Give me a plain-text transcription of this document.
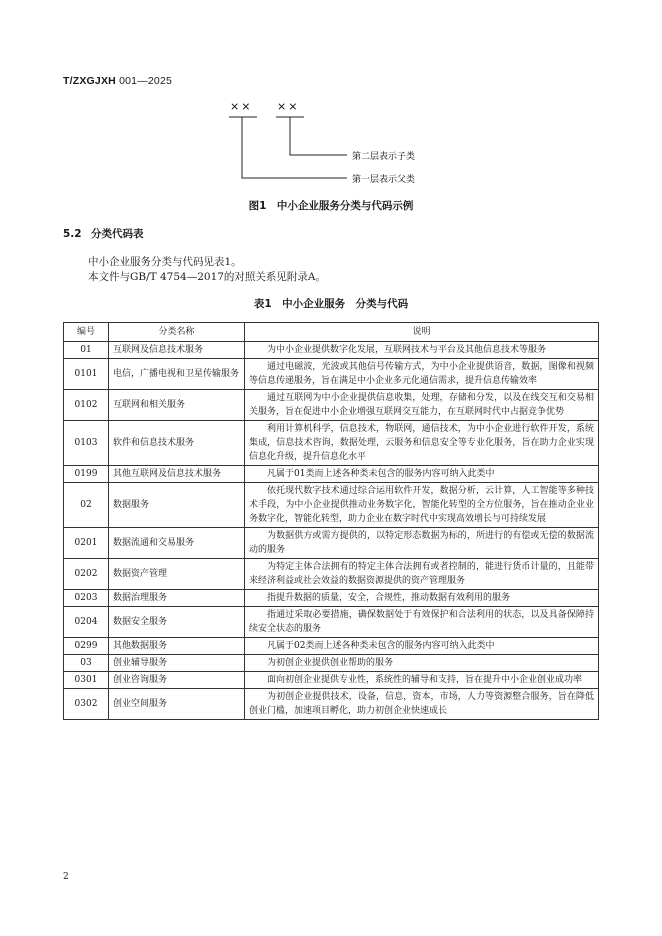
T/ZXGJXH 001—2025
×× ××
第二层表示子类
第一层表示父类
图1　中小企业服务分类与代码示例
5.2 分类代码表
中小企业服务分类与代码见表1。
本文件与GB/T 4754—2017的对照关系见附录A。
表1　中小企业服务　分类与代码
编号	分类名称	说明
01	互联网及信息技术服务	为中小企业提供数字化发展，互联网技术与平台及其他信息技术等服务
0101	电信，广播电视和卫星传输服务	通过电磁波，光波或其他信号传输方式，为中小企业提供语音，数据，图像和视频等信息传递服务，旨在满足中小企业多元化通信需求，提升信息传输效率
0102	互联网和相关服务	通过互联网为中小企业提供信息收集，处理，存储和分发，以及在线交互和交易相关服务，旨在促进中小企业增强互联网交互能力，在互联网时代中占据竞争优势
0103	软件和信息技术服务	利用计算机科学，信息技术，物联网，通信技术，为中小企业进行软件开发，系统集成，信息技术咨询，数据处理，云服务和信息安全等专业化服务，旨在助力企业实现信息化升级，提升信息化水平
0199	其他互联网及信息技术服务	凡属于01类而上述各种类未包含的服务内容可纳入此类中
02	数据服务	依托现代数字技术通过综合运用软件开发，数据分析，云计算，人工智能等多种技术手段，为中小企业提供推动业务数字化，智能化转型的全方位服务，旨在推动企业业务数字化，智能化转型，助力企业在数字时代中实现高效增长与可持续发展
0201	数据流通和交易服务	为数据供方或需方提供的，以特定形态数据为标的，所进行的有偿或无偿的数据流动的服务
0202	数据资产管理	为特定主体合法拥有的特定主体合法拥有或者控制的，能进行货币计量的，且能带来经济利益或社会效益的数据资源提供的资产管理服务
0203	数据治理服务	指提升数据的质量，安全，合规性，推动数据有效利用的服务
0204	数据安全服务	指通过采取必要措施，确保数据处于有效保护和合法利用的状态，以及具备保障持续安全状态的服务
0299	其他数据服务	凡属于02类而上述各种类未包含的服务内容可纳入此类中
03	创业辅导服务	为初创企业提供创业帮助的服务
0301	创业咨询服务	面向初创企业提供专业性，系统性的辅导和支持，旨在提升中小企业创业成功率
0302	创业空间服务	为初创企业提供技术，设备，信息，资本，市场，人力等资源整合服务，旨在降低创业门槛，加速项目孵化，助力初创企业快速成长
2
